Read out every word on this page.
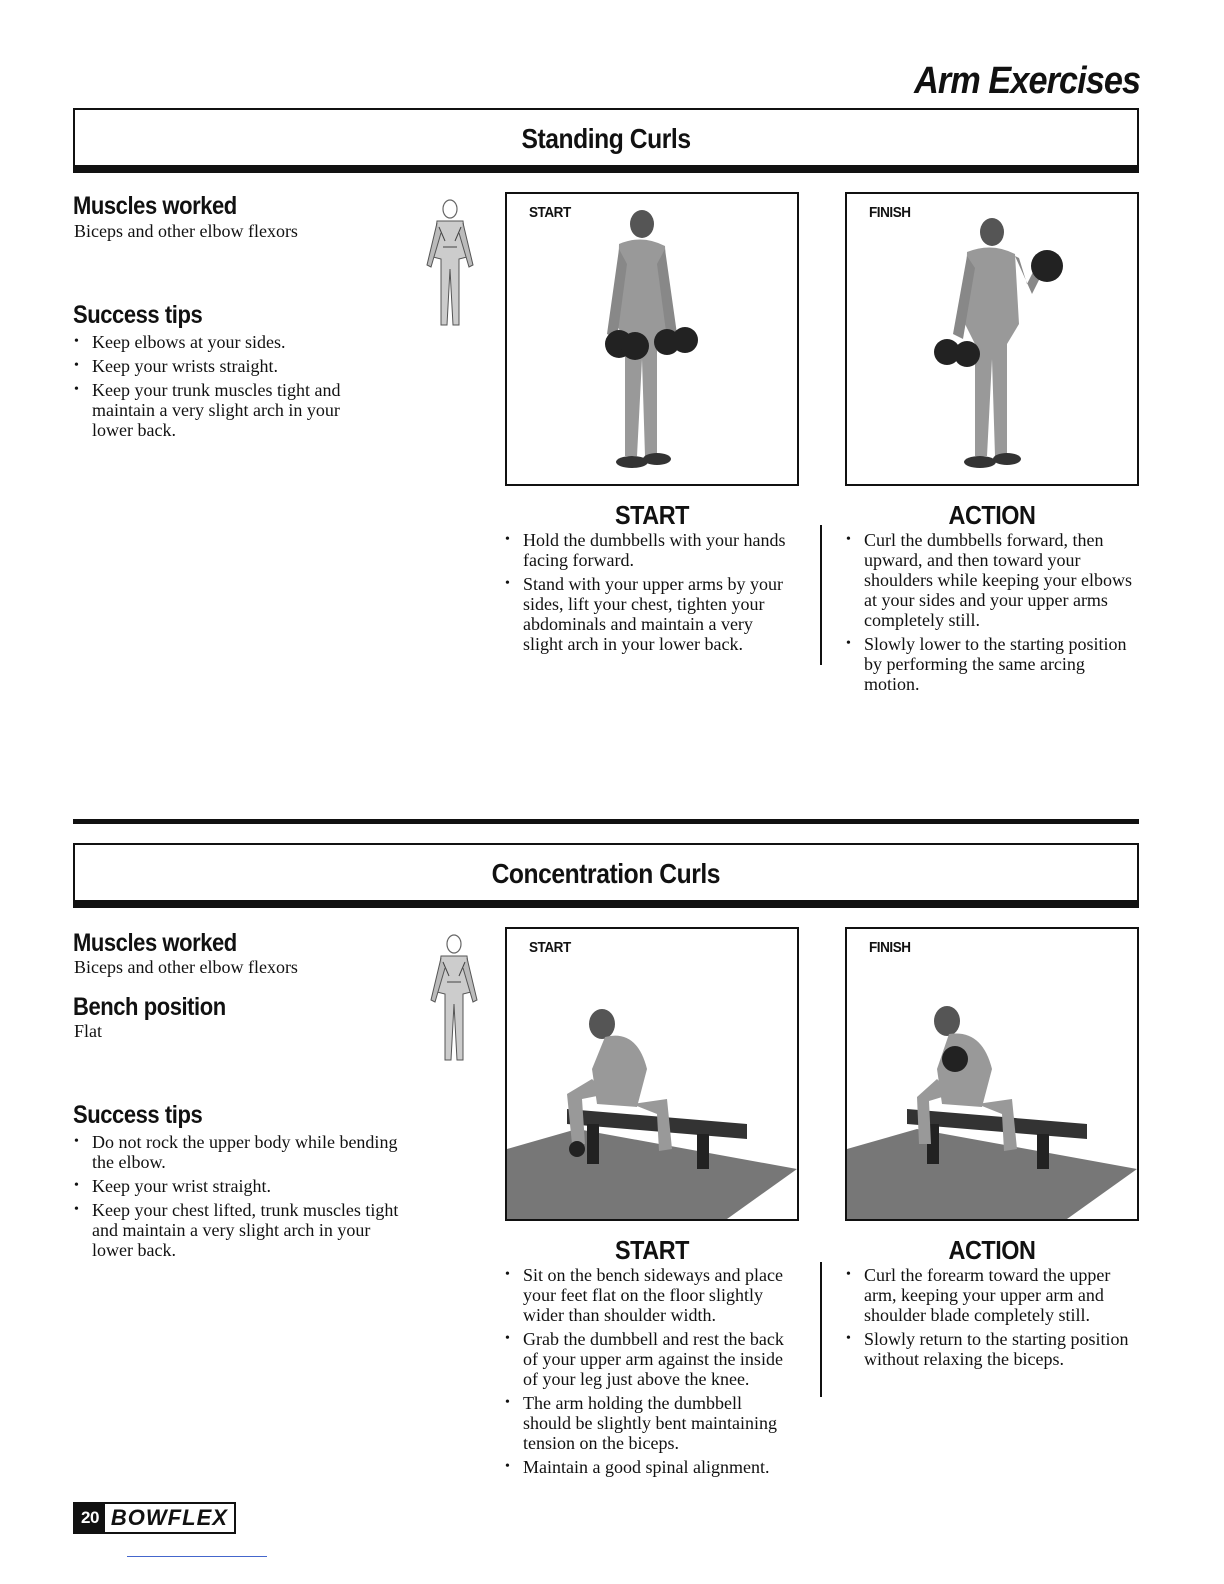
Arm Exercises
Standing Curls
Muscles worked
Biceps and other elbow flexors
Success tips
• Keep elbows at your sides.
• Keep your wrists straight.
• Keep your trunk muscles tight and maintain a very slight arch in your lower back.
START	FINISH
START
• Hold the dumbbells with your hands facing forward.
• Stand with your upper arms by your sides, lift your chest, tighten your abdominals and maintain a very slight arch in your lower back.
ACTION
• Curl the dumbbells forward, then upward, and then toward your shoulders while keeping your elbows at your sides and your upper arms completely still.
• Slowly lower to the starting position by performing the same arcing motion.
Concentration Curls
Muscles worked
Biceps and other elbow flexors
Bench position
Flat
Success tips
• Do not rock the upper body while bending the elbow.
• Keep your wrist straight.
• Keep your chest lifted, trunk muscles tight and maintain a very slight arch in your lower back.
START	FINISH
START
• Sit on the bench sideways and place your feet flat on the floor slightly wider than shoulder width.
• Grab the dumbbell and rest the back of your upper arm against the inside of your leg just above the knee.
• The arm holding the dumbbell should be slightly bent maintaining tension on the biceps.
• Maintain a good spinal alignment.
ACTION
• Curl the forearm toward the upper arm, keeping your upper arm and shoulder blade completely still.
• Slowly return to the starting position without relaxing the biceps.
20 BOWFLEX
